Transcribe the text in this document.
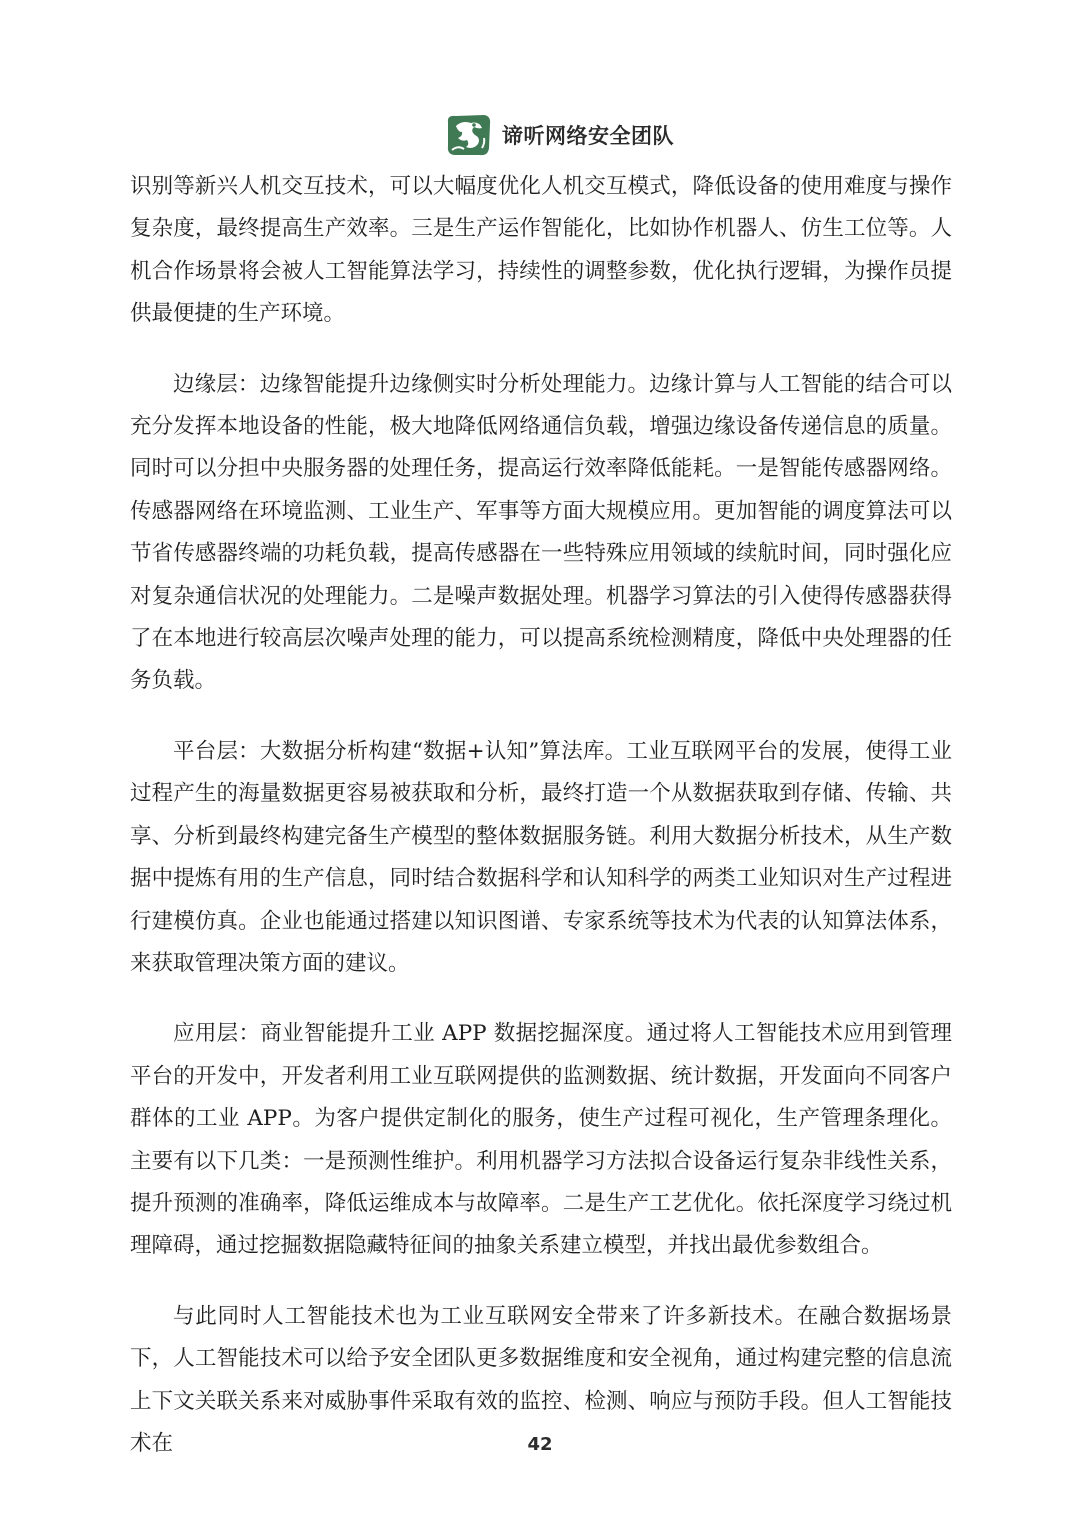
谛听网络安全团队

识别等新兴人机交互技术，可以大幅度优化人机交互模式，降低设备的使用难度与操作复杂度，最终提高生产效率。三是生产运作智能化，比如协作机器人、仿生工位等。人机合作场景将会被人工智能算法学习，持续性的调整参数，优化执行逻辑，为操作员提供最便捷的生产环境。

边缘层：边缘智能提升边缘侧实时分析处理能力。边缘计算与人工智能的结合可以充分发挥本地设备的性能，极大地降低网络通信负载，增强边缘设备传递信息的质量。同时可以分担中央服务器的处理任务，提高运行效率降低能耗。一是智能传感器网络。传感器网络在环境监测、工业生产、军事等方面大规模应用。更加智能的调度算法可以节省传感器终端的功耗负载，提高传感器在一些特殊应用领域的续航时间，同时强化应对复杂通信状况的处理能力。二是噪声数据处理。机器学习算法的引入使得传感器获得了在本地进行较高层次噪声处理的能力，可以提高系统检测精度，降低中央处理器的任务负载。

平台层：大数据分析构建“数据+认知”算法库。工业互联网平台的发展，使得工业过程产生的海量数据更容易被获取和分析，最终打造一个从数据获取到存储、传输、共享、分析到最终构建完备生产模型的整体数据服务链。利用大数据分析技术，从生产数据中提炼有用的生产信息，同时结合数据科学和认知科学的两类工业知识对生产过程进行建模仿真。企业也能通过搭建以知识图谱、专家系统等技术为代表的认知算法体系，来获取管理决策方面的建议。

应用层：商业智能提升工业 APP 数据挖掘深度。通过将人工智能技术应用到管理平台的开发中，开发者利用工业互联网提供的监测数据、统计数据，开发面向不同客户群体的工业 APP。为客户提供定制化的服务，使生产过程可视化，生产管理条理化。主要有以下几类：一是预测性维护。利用机器学习方法拟合设备运行复杂非线性关系，提升预测的准确率，降低运维成本与故障率。二是生产工艺优化。依托深度学习绕过机理障碍，通过挖掘数据隐藏特征间的抽象关系建立模型，并找出最优参数组合。

与此同时人工智能技术也为工业互联网安全带来了许多新技术。在融合数据场景下，人工智能技术可以给予安全团队更多数据维度和安全视角，通过构建完整的信息流上下文关联关系来对威胁事件采取有效的监控、检测、响应与预防手段。但人工智能技术在	42
